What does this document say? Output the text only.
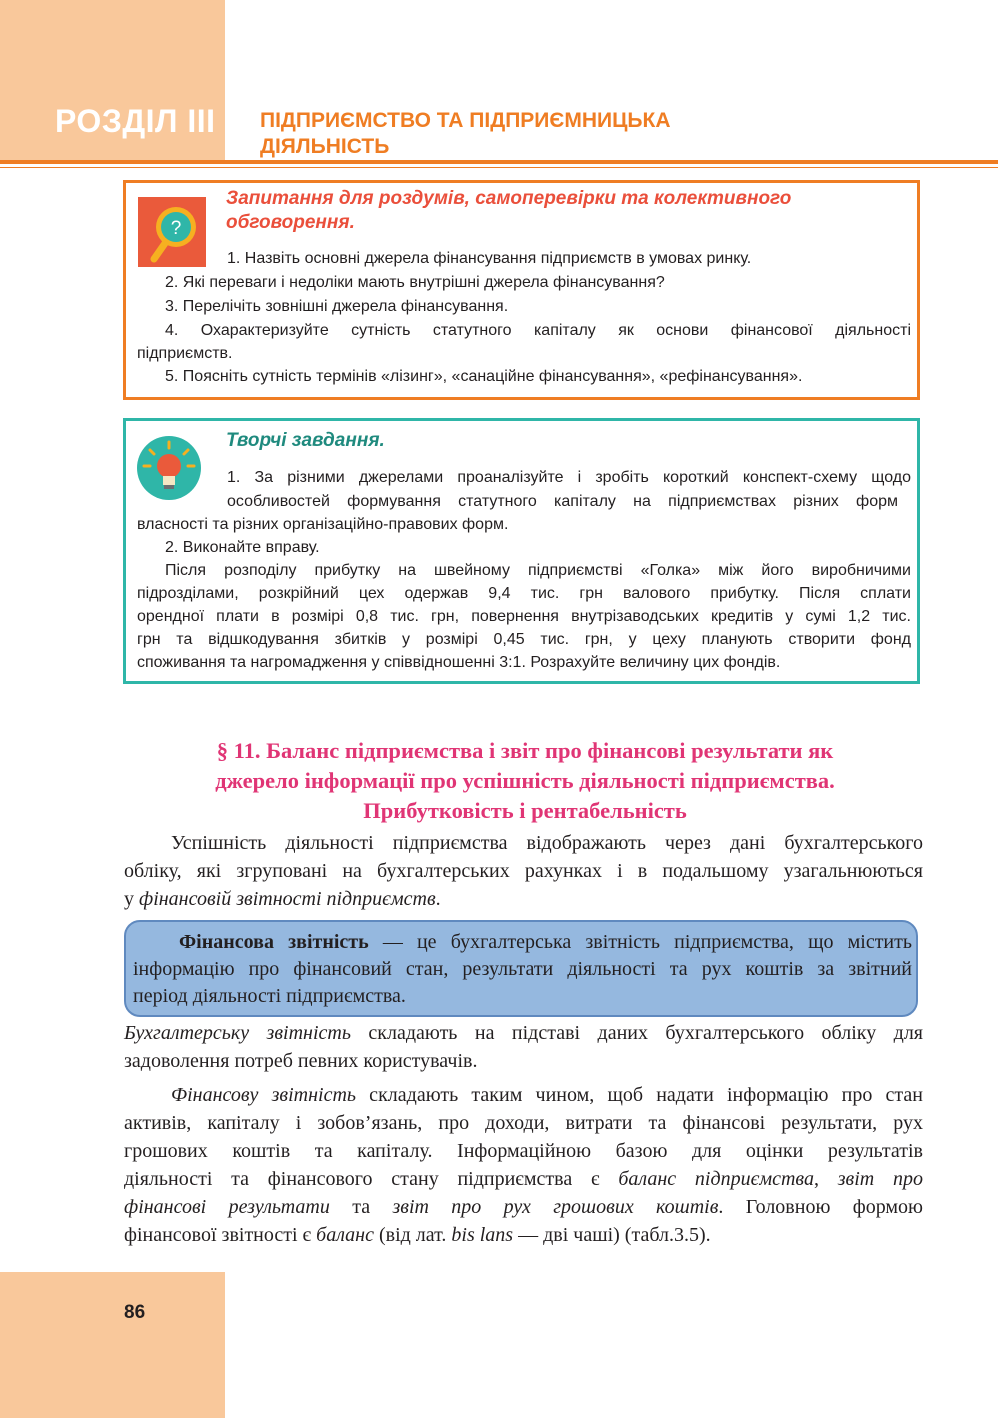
РОЗДІЛ III ПІДПРИЄМСТВО ТА ПІДПРИЄМНИЦЬКА
ДІЯЛЬНІСТЬ
?
Запитання для роздумів, самоперевірки та колективного
обговорення.
1. Назвіть основні джерела фінансування підприємств в умовах ринку.
2. Які переваги і недоліки мають внутрішні джерела фінансування?
3. Перелічіть зовнішні джерела фінансування.
4. Охарактеризуйте сутність статутного капіталу як основи фінансової діяльності
підприємств.
5. Поясніть сутність термінів «лізинг», «санаційне фінансування», «рефінансування».
Творчі завдання.
1. За різними джерелами проаналізуйте і зробіть короткий конспект-схему щодо
особливостей формування статутного капіталу на підприємствах різних форм
власності та різних організаційно-правових форм.
2. Виконайте вправу.
Після розподілу прибутку на швейному підприємстві «Голка» між його виробничими
підрозділами, розкрійний цех одержав 9,4 тис. грн валового прибутку. Після сплати
орендної плати в розмірі 0,8 тис. грн, повернення внутрізаводських кредитів у сумі 1,2 тис.
грн та відшкодування збитків у розмірі 0,45 тис. грн, у цеху планують створити фонд
споживання та нагромадження у співвідношенні 3:1. Розрахуйте величину цих фондів.
§ 11. Баланс підприємства і звіт про фінансові результати як
джерело інформації про успішність діяльності підприємства.
Прибутковість і рентабельність
Успішність діяльності підприємства відображають через дані бухгалтерського
обліку, які згруповані на бухгалтерських рахунках і в подальшому узагальнюються
у фінансовій звітності підприємств.
Фінансова звітність — це бухгалтерська звітність підприємства, що містить
інформацію про фінансовий стан, результати діяльності та рух коштів за звітний
період діяльності підприємства.
Бухгалтерську звітність складають на підставі даних бухгалтерського обліку для
задоволення потреб певних користувачів.
Фінансову звітність складають таким чином, щоб надати інформацію про стан
активів, капіталу і зобов’язань, про доходи, витрати та фінансові результати, рух
грошових коштів та капіталу. Інформаційною базою для оцінки результатів
діяльності та фінансового стану підприємства є баланс підприємства, звіт про
фінансові результати та звіт про рух грошових коштів. Головною формою
фінансової звітності є баланс (від лат. bis lans — дві чаші) (табл.3.5).
86
